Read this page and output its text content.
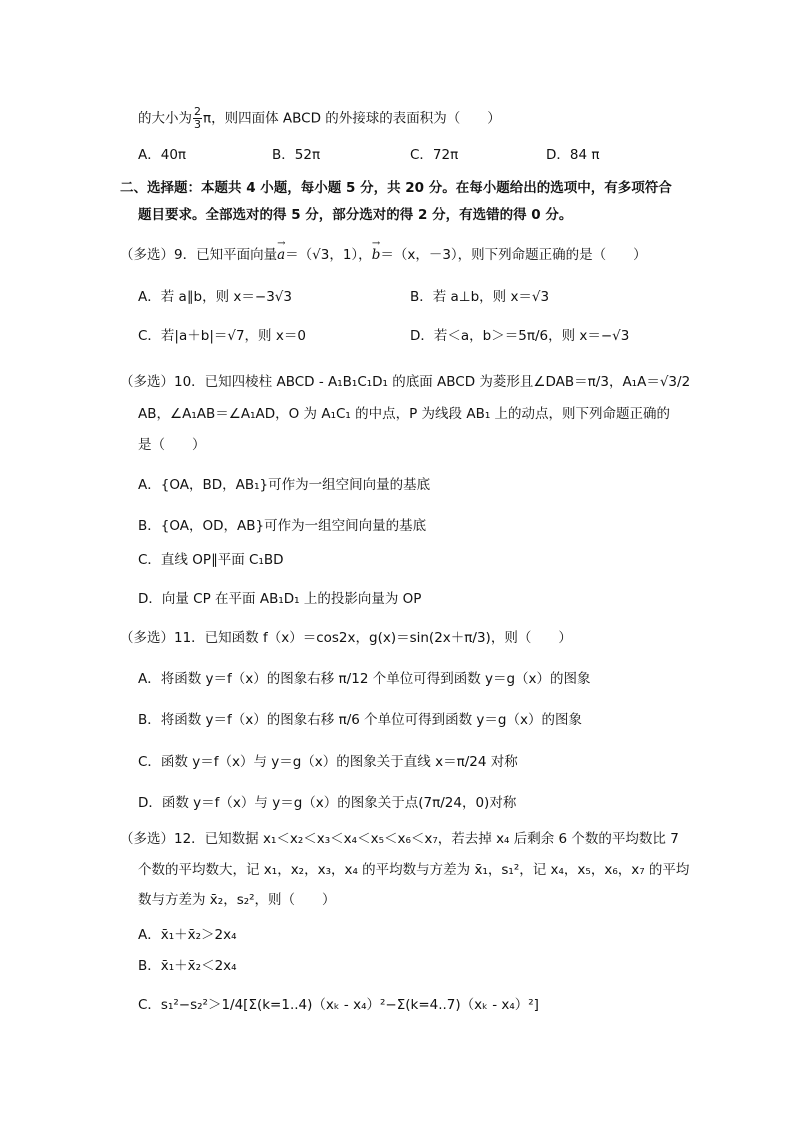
的大小为 $\frac{2}{3}$ π，则四面体 ABCD 的外接球的表面积为（　　）
A．40π	B．52π	C．72π	D．84 π
二、选择题：本题共 4 小题，每小题 5 分，共 20 分。在每小题给出的选项中，有多项符合
题目要求。全部选对的得 5 分，部分选对的得 2 分，有选错的得 0 分。
（多选）9．已知平面向量→ a＝（√3，1），→ b＝（x，－3），则下列命题正确的是（　　）
A．若 a∥b，则 x＝−3√3	B．若 a⊥b，则 x＝√3
C．若|a＋b|＝√7，则 x＝0	D．若＜a，b＞＝5π/6，则 x＝−√3
（多选）10．已知四棱柱 ABCD - A₁B₁C₁D₁ 的底面 ABCD 为菱形且∠DAB＝π/3，A₁A＝√3/2
AB，∠A₁AB＝∠A₁AD，O 为 A₁C₁ 的中点，P 为线段 AB₁ 上的动点，则下列命题正确的
是（　　）
A．{OA，BD，AB₁}可作为一组空间向量的基底
B．{OA，OD，AB}可作为一组空间向量的基底
C．直线 OP∥平面 C₁BD
D．向量 CP 在平面 AB₁D₁ 上的投影向量为 OP
（多选）11．已知函数 f（x）＝cos2x，g(x)＝sin(2x＋π/3)，则（　　）
A．将函数 y＝f（x）的图象右移 π/12 个单位可得到函数 y＝g（x）的图象
B．将函数 y＝f（x）的图象右移 π/6 个单位可得到函数 y＝g（x）的图象
C．函数 y＝f（x）与 y＝g（x）的图象关于直线 x＝π/24 对称
D．函数 y＝f（x）与 y＝g（x）的图象关于点(7π/24，0)对称
（多选）12．已知数据 x₁＜x₂＜x₃＜x₄＜x₅＜x₆＜x₇，若去掉 x₄ 后剩余 6 个数的平均数比 7
个数的平均数大，记 x₁，x₂，x₃，x₄ 的平均数与方差为 x̄₁，s₁²，记 x₄，x₅，x₆，x₇ 的平均
数与方差为 x̄₂，s₂²，则（　　）
A．x̄₁＋x̄₂＞2x₄
B．x̄₁＋x̄₂＜2x₄
C．s₁²−s₂²＞1/4[Σ(k=1..4)（xₖ - x₄）²−Σ(k=4..7)（xₖ - x₄）²]
